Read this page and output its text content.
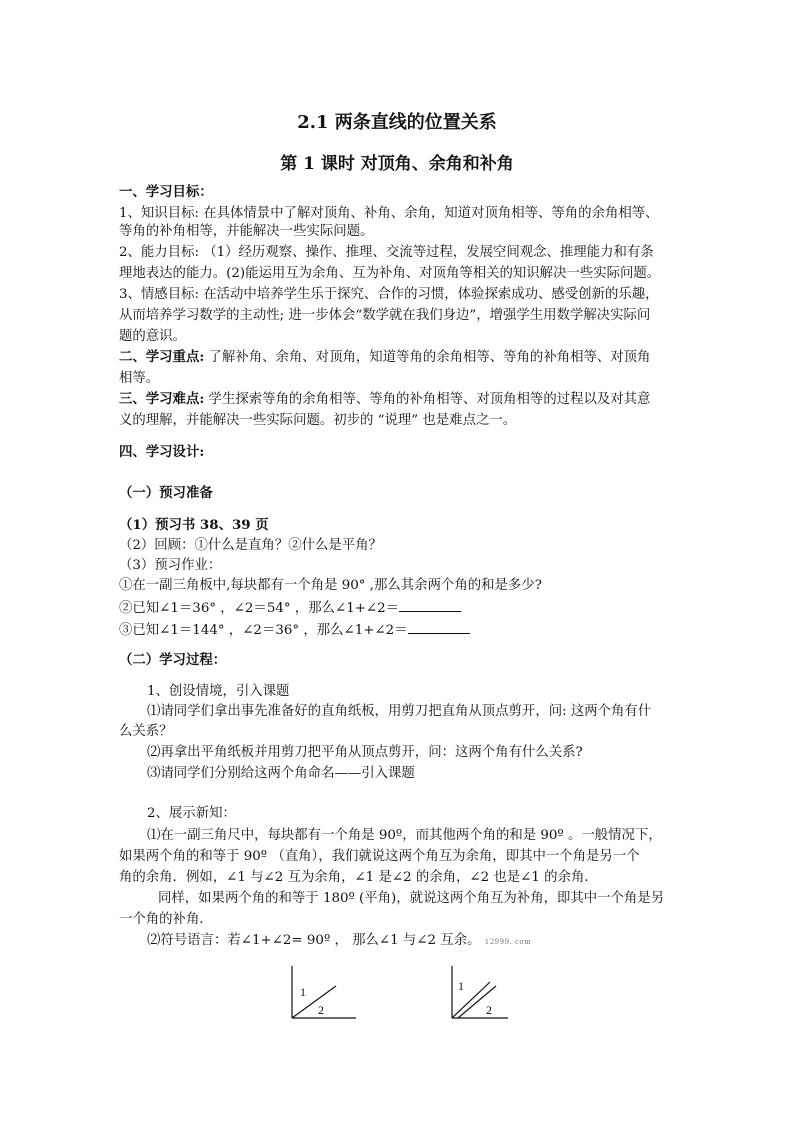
2.1 两条直线的位置关系
第 1 课时 对顶角、余角和补角
一、学习目标：
1、知识目标: 在具体情景中了解对顶角、补角、余角，知道对顶角相等、等角的余角相等、
等角的补角相等，并能解决一些实际问题。
2、能力目标: （1）经历观察、操作、推理、交流等过程，发展空间观念、推理能力和有条
理地表达的能力。(2)能运用互为余角、互为补角、对顶角等相关的知识解决一些实际问题。
3、情感目标: 在活动中培养学生乐于探究、合作的习惯，体验探索成功、感受创新的乐趣，
从而培养学习数学的主动性; 进一步体会“数学就在我们身边”，增强学生用数学解决实际问
题的意识。
二、学习重点: 了解补角、余角、对顶角，知道等角的余角相等、等角的补角相等、对顶角
相等。
三、学习难点: 学生探索等角的余角相等、等角的补角相等、对顶角相等的过程以及对其意
义的理解，并能解决一些实际问题。初步的 “说理” 也是难点之一。
四、学习设计:
（一）预习准备
（1）预习书 38、39 页
（2）回顾：①什么是直角？②什么是平角？
（3）预习作业：
①在一副三角板中,每块都有一个角是 90° ,那么其余两个角的和是多少?
②已知∠1＝36° ，∠2＝54° ，那么∠1+∠2＝
③已知∠1＝144° ，∠2＝36° ，那么∠1+∠2＝
（二）学习过程：
1、创设情境，引入课题
⑴请同学们拿出事先准备好的直角纸板，用剪刀把直角从顶点剪开，问: 这两个角有什
么关系？
⑵再拿出平角纸板并用剪刀把平角从顶点剪开，问：这两个角有什么关系?
⑶请同学们分别给这两个角命名——引入课题
2、展示新知：
⑴在一副三角尺中，每块都有一个角是 90º，而其他两个角的和是 90º 。一般情况下，
如果两个角的和等于 90º （直角），我们就说这两个角互为余角，即其中一个角是另一个
角的余角．例如，∠1 与∠2 互为余角，∠1 是∠2 的余角，∠2 也是∠1 的余角．
同样，如果两个角的和等于 180º (平角)，就说这两个角互为补角，即其中一个角是另
一个角的补角．
⑵符号语言：若∠1+∠2= 90º ， 那么∠1 与∠2 互余。 12999. com
1
2
1
2
